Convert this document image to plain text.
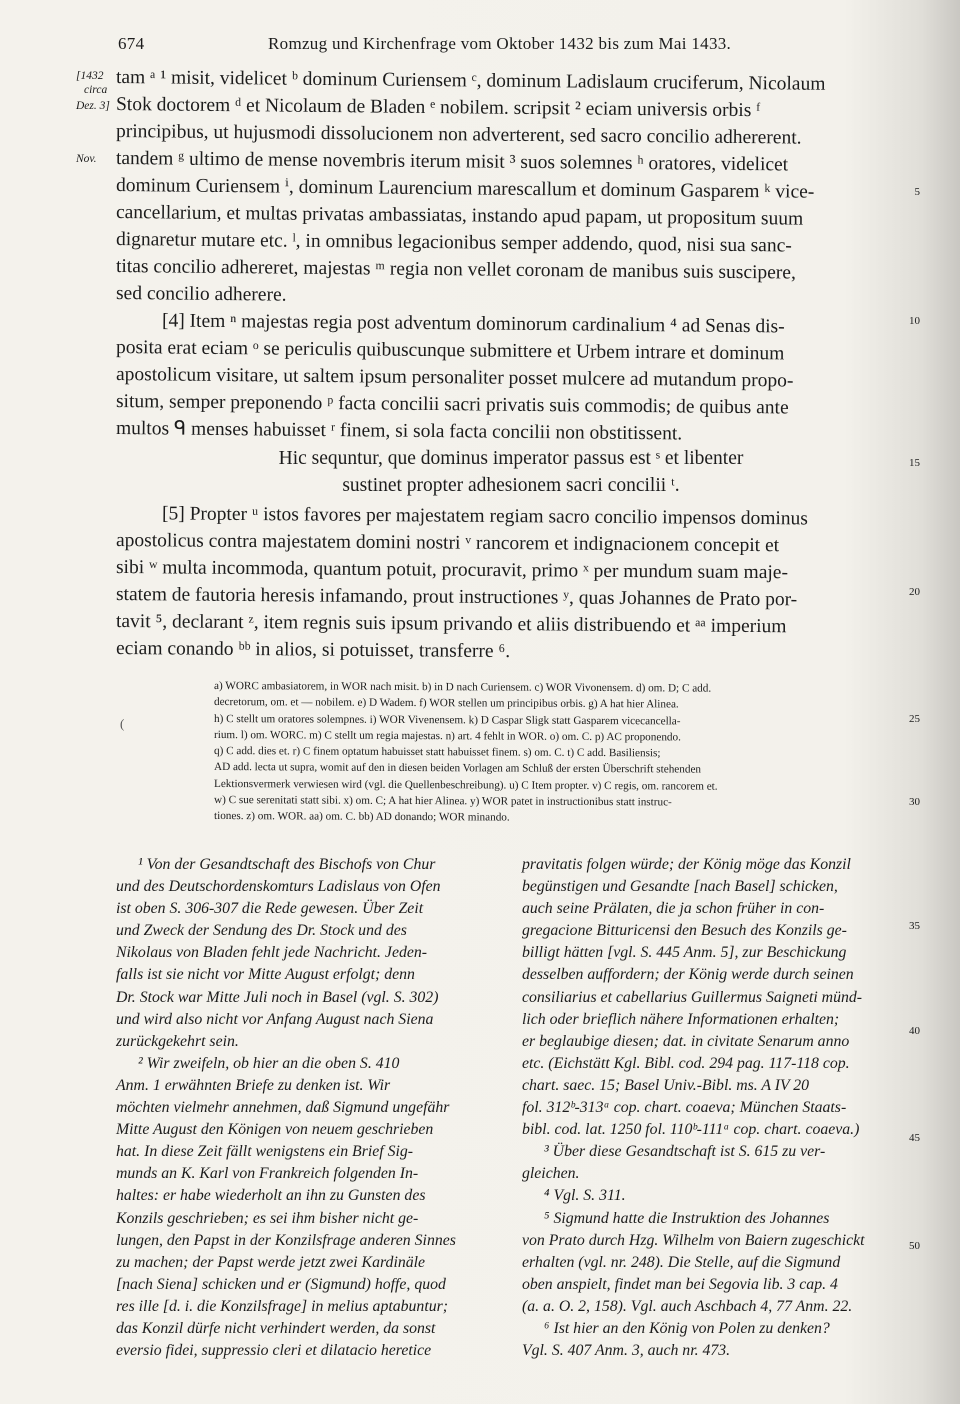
674	Romzug und Kirchenfrage vom Oktober 1432 bis zum Mai 1433.
[1432
circa
Dez. 3]
Nov.
(
tam ᵃ ¹ misit, videlicet ᵇ dominum Curiensem ᶜ, dominum Ladislaum cruciferum, Nicolaum
Stok doctorem ᵈ et Nicolaum de Bladen ᵉ nobilem. scripsit ² eciam universis orbis ᶠ
principibus, ut hujusmodi dissolucionem non adverterent, sed sacro concilio adhererent.
tandem ᵍ ultimo de mense novembris iterum misit ³ suos solemnes ʰ oratores, videlicet
dominum Curiensem ⁱ, dominum Laurencium marescallum et dominum Gasparem ᵏ vice-
cancellarium, et multas privatas ambassiatas, instando apud papam, ut propositum suum
dignaretur mutare etc. ˡ, in omnibus legacionibus semper addendo, quod, nisi sua sanc-
titas concilio adhereret, majestas ᵐ regia non vellet coronam de manibus suis suscipere,
sed concilio adherere.
[4] Item ⁿ majestas regia post adventum dominorum cardinalium ⁴ ad Senas dis-
posita erat eciam ᵒ se periculis quibuscunque submittere et Urbem intrare et dominum
apostolicum visitare, ut saltem ipsum personaliter posset mulcere ad mutandum propo-
situm, semper preponendo ᵖ facta concilii sacri privatis suis commodis; de quibus ante
multos ᑫ menses habuisset ʳ finem, si sola facta concilii non obstitissent.
Hic sequntur, que dominus imperator passus est ˢ et libenter
sustinet propter adhesionem sacri concilii ᵗ.
[5] Propter ᵘ istos favores per majestatem regiam sacro concilio impensos dominus
apostolicus contra majestatem domini nostri ᵛ rancorem et indignacionem concepit et
sibi ʷ multa incommoda, quantum potuit, procuravit, primo ˣ per mundum suam maje-
statem de fautoria heresis infamando, prout instructiones ʸ, quas Johannes de Prato por-
tavit ⁵, declarant ᶻ, item regnis suis ipsum privando et aliis distribuendo et ᵃᵃ imperium
eciam conando ᵇᵇ in alios, si potuisset, transferre ⁶.
5
10
15
20
25
30
35
40
45
50
a) WORC ambasiatorem, in WOR nach misit. b) in D nach Curiensem. c) WOR Vivonensem. d) om. D; C add.
decretorum, om. et — nobilem. e) D Wadem. f) WOR stellen um principibus orbis. g) A hat hier Alinea.
h) C stellt um oratores solempnes. i) WOR Vivenensem. k) D Caspar Sligk statt Gasparem vicecancella-
rium. l) om. WORC. m) C stellt um regia majestas. n) art. 4 fehlt in WOR. o) om. C. p) AC proponendo.
q) C add. dies et. r) C finem optatum habuisset statt habuisset finem. s) om. C. t) C add. Basiliensis;
AD add. lecta ut supra, womit auf den in diesen beiden Vorlagen am Schluß der ersten Überschrift stehenden
Lektionsvermerk verwiesen wird (vgl. die Quellenbeschreibung). u) C Item propter. v) C regis, om. rancorem et.
w) C sue serenitati statt sibi. x) om. C; A hat hier Alinea. y) WOR patet in instructionibus statt instruc-
tiones. z) om. WOR. aa) om. C. bb) AD donando; WOR minando.
¹ Von der Gesandtschaft des Bischofs von Chur
und des Deutschordenskomturs Ladislaus von Ofen
ist oben S. 306-307 die Rede gewesen. Über Zeit
und Zweck der Sendung des Dr. Stock und des
Nikolaus von Bladen fehlt jede Nachricht. Jeden-
falls ist sie nicht vor Mitte August erfolgt; denn
Dr. Stock war Mitte Juli noch in Basel (vgl. S. 302)
und wird also nicht vor Anfang August nach Siena
zurückgekehrt sein.
² Wir zweifeln, ob hier an die oben S. 410
Anm. 1 erwähnten Briefe zu denken ist. Wir
möchten vielmehr annehmen, daß Sigmund ungefähr
Mitte August den Königen von neuem geschrieben
hat. In diese Zeit fällt wenigstens ein Brief Sig-
munds an K. Karl von Frankreich folgenden In-
haltes: er habe wiederholt an ihn zu Gunsten des
Konzils geschrieben; es sei ihm bisher nicht ge-
lungen, den Papst in der Konzilsfrage anderen Sinnes
zu machen; der Papst werde jetzt zwei Kardinäle
[nach Siena] schicken und er (Sigmund) hoffe, quod
res ille [d. i. die Konzilsfrage] in melius aptabuntur;
das Konzil dürfe nicht verhindert werden, da sonst
eversio fidei, suppressio cleri et dilatacio heretice
pravitatis folgen würde; der König möge das Konzil
begünstigen und Gesandte [nach Basel] schicken,
auch seine Prälaten, die ja schon früher in con-
gregacione Bitturicensi den Besuch des Konzils ge-
billigt hätten [vgl. S. 445 Anm. 5], zur Beschickung
desselben auffordern; der König werde durch seinen
consiliarius et cabellarius Guillermus Saigneti münd-
lich oder brieflich nähere Informationen erhalten;
er beglaubige diesen; dat. in civitate Senarum anno
etc. (Eichstätt Kgl. Bibl. cod. 294 pag. 117-118 cop.
chart. saec. 15; Basel Univ.-Bibl. ms. A IV 20
fol. 312ᵇ-313ᵃ cop. chart. coaeva; München Staats-
bibl. cod. lat. 1250 fol. 110ᵇ-111ᵃ cop. chart. coaeva.)
³ Über diese Gesandtschaft ist S. 615 zu ver-
gleichen.
⁴ Vgl. S. 311.
⁵ Sigmund hatte die Instruktion des Johannes
von Prato durch Hzg. Wilhelm von Baiern zugeschickt
erhalten (vgl. nr. 248). Die Stelle, auf die Sigmund
oben anspielt, findet man bei Segovia lib. 3 cap. 4
(a. a. O. 2, 158). Vgl. auch Aschbach 4, 77 Anm. 22.
⁶ Ist hier an den König von Polen zu denken?
Vgl. S. 407 Anm. 3, auch nr. 473.
